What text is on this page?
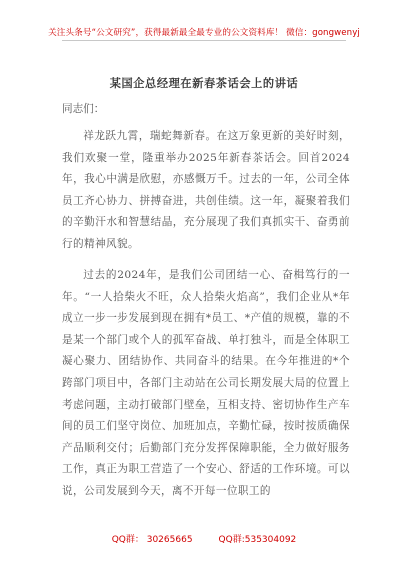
关注头条号“公文研究”，获得最新最全最专业的公文资料库！ 微信：gongwenyj
某国企总经理在新春茶话会上的讲话
同志们：

祥龙跃九霄，瑞蛇舞新春。在这万象更新的美好时刻，我们欢聚一堂，隆重举办2025年新春茶话会。回首2024年，我心中满是欣慰，亦感慨万千。过去的一年，公司全体员工齐心协力、拼搏奋进，共创佳绩。这一年，凝聚着我们的辛勤汗水和智慧结晶，充分展现了我们真抓实干、奋勇前行的精神风貌。

过去的2024年，是我们公司团结一心、奋楫笃行的一年。“一人拾柴火不旺，众人拾柴火焰高”，我们企业从*年成立一步一步发展到现在拥有*员工、*产值的规模，靠的不是某一个部门或个人的孤军奋战、单打独斗，而是全体职工凝心聚力、团结协作、共同奋斗的结果。在今年推进的*个跨部门项目中，各部门主动站在公司长期发展大局的位置上考虑问题，主动打破部门壁垒，互相支持、密切协作生产车间的员工们坚守岗位、加班加点，辛勤忙碌，按时按质确保产品顺利交付；后勤部门充分发挥保障职能，全力做好服务工作，真正为职工营造了一个安心、舒适的工作环境。可以说，公司发展到今天，离不开每一位职工的

QQ群： 30265665	QQ群:535304092
